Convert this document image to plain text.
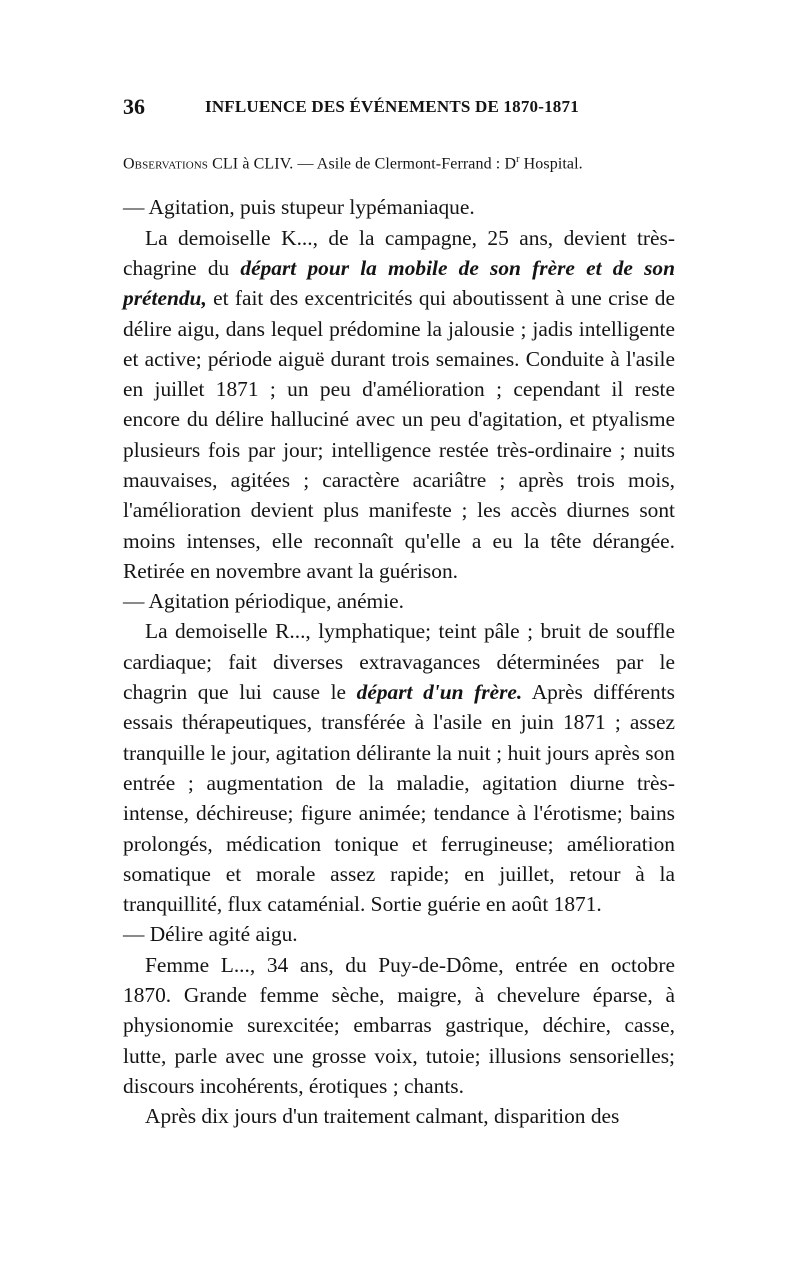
36	INFLUENCE DES ÉVÉNEMENTS DE 1870-1871
Observations CLI à CLIV. — Asile de Clermont-Ferrand : $D^r$ Hospital.

— Agitation, puis stupeur lypémaniaque.

La demoiselle K..., de la campagne, 25 ans, devient très-chagrine du départ pour la mobile de son frère et de son prétendu, et fait des excentricités qui aboutissent à une crise de délire aigu, dans lequel prédomine la jalousie ; jadis intelligente et active; période aiguë durant trois semaines. Conduite à l'asile en juillet 1871 ; un peu d'amélioration ; cependant il reste encore du délire halluciné avec un peu d'agitation, et ptyalisme plusieurs fois par jour; intelligence restée très-ordinaire ; nuits mauvaises, agitées ; caractère acariâtre ; après trois mois, l'amélioration devient plus manifeste ; les accès diurnes sont moins intenses, elle reconnaît qu'elle a eu la tête dérangée. Retirée en novembre avant la guérison.

— Agitation périodique, anémie.

La demoiselle R..., lymphatique; teint pâle ; bruit de souffle cardiaque; fait diverses extravagances déterminées par le chagrin que lui cause le départ d'un frère. Après différents essais thérapeutiques, transférée à l'asile en juin 1871 ; assez tranquille le jour, agitation délirante la nuit ; huit jours après son entrée ; augmentation de la maladie, agitation diurne très-intense, déchireuse; figure animée; tendance à l'érotisme; bains prolongés, médication tonique et ferrugineuse; amélioration somatique et morale assez rapide; en juillet, retour à la tranquillité, flux cataménial. Sortie guérie en août 1871.

— Délire agité aigu.

Femme L..., 34 ans, du Puy-de-Dôme, entrée en octobre 1870. Grande femme sèche, maigre, à chevelure éparse, à physionomie surexcitée; embarras gastrique, déchire, casse, lutte, parle avec une grosse voix, tutoie; illusions sensorielles; discours incohérents, érotiques ; chants.

Après dix jours d'un traitement calmant, disparition des
